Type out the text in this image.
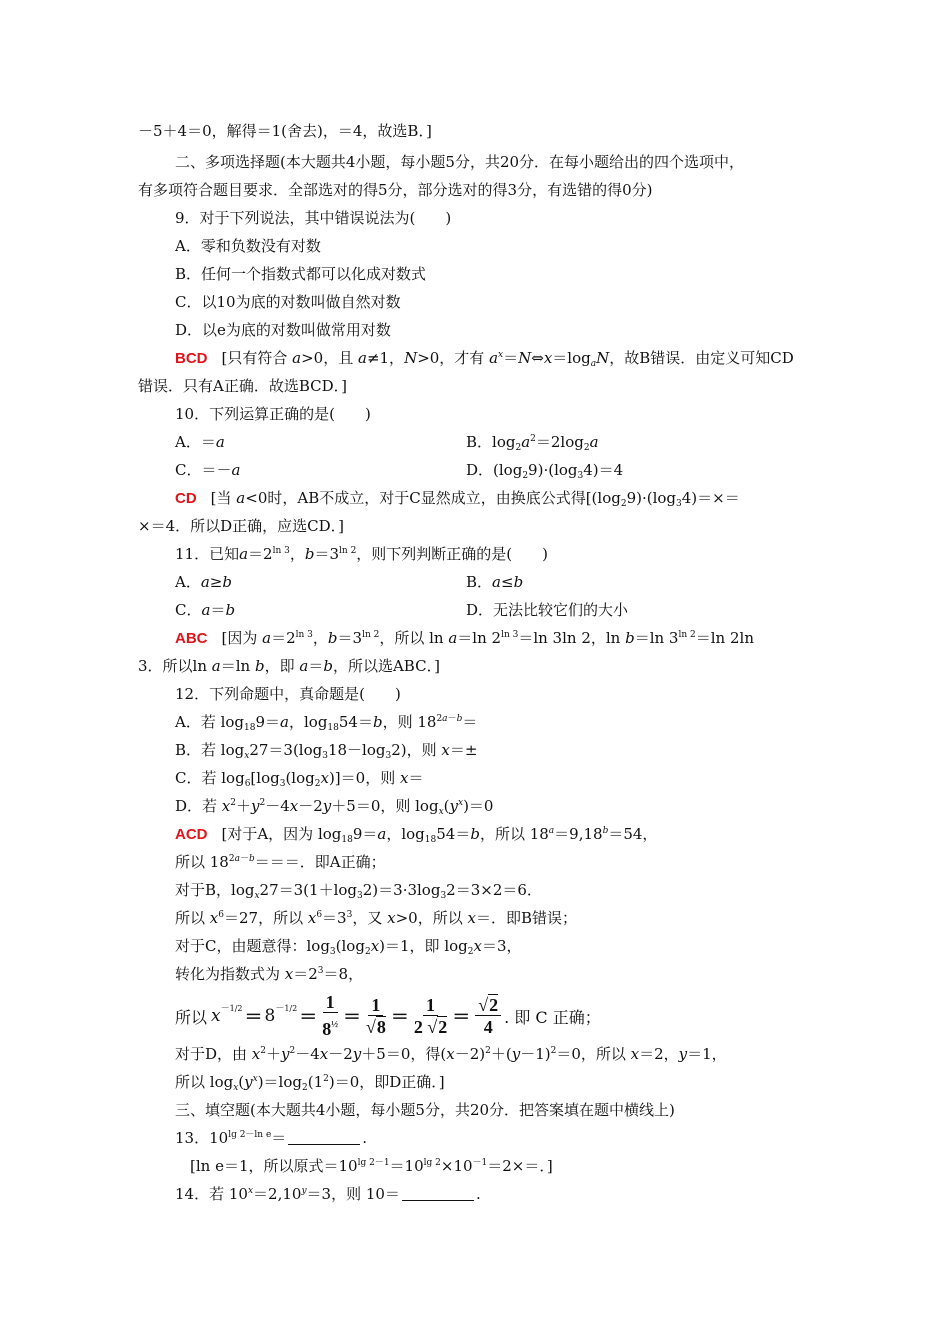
－5＋4＝0，解得＝1(舍去)，＝4，故选B．]
二、多项选择题(本大题共4小题，每小题5分，共20分．在每小题给出的四个选项中，
有多项符合题目要求．全部选对的得5分，部分选对的得3分，有选错的得0分)
9．对于下列说法，其中错误说法为(　　)
A．零和负数没有对数
B．任何一个指数式都可以化成对数式
C．以10为底的对数叫做自然对数
D．以e为底的对数叫做常用对数
BCD [只有符合 a>0，且 a≠1，N>0，才有 $a^x=N\Leftrightarrow x=\log_aN$，故B错误．由定义可知CD
错误．只有A正确．故选BCD．]
10．下列运算正确的是(　　)
A．＝a	B．$\log_2a^2=2\log_2a$
C．＝－a	D．$(\log_29)\cdot(\log_34)=4$
CD [当 a<0时，AB不成立，对于C显然成立，由换底公式得[$(\log_29)\cdot(\log_34)=\times=$
×＝4．所以D正确，应选CD．]
11．已知$a=2^{ln 3}$，$b=3^{ln 2}$，则下列判断正确的是(　　)
A．a≥b	B．a≤b
C．a＝b	D．无法比较它们的大小
ABC [因为 $a=2^{ln 3}$，$b=3^{ln 2}$，所以 ln a＝ln $2^{ln 3}=\ln$ 3ln 2，ln b＝ln $3^{ln 2}=\ln$ 2ln
3．所以ln a＝ln b，即 a＝b，所以选ABC．]
12．下列命题中，真命题是(　　)
A．若 $\log_{18}9=a$，$\log_{18}54=b$，则 $18^{2a-b}=$
B．若 $\log_x27=3(\log_318-\log_32)$，则 x＝±
C．若 $\log_6[\log_3(\log_2x)]=0$，则 x＝
D．若 $x^2+y^2-4x-2y+5=0$，则 $\log_x(y^x)=0$
ACD [对于A，因为 $\log_{18}9=a$，$\log_{18}54=b$，所以 $18^a=9,18^b=54$，
所以 $18^{2a-b}===$．即A正确；
对于B，$\log_x27=3(1+\log_32)=3\cdot 3\log_32=3\times 2=6$．
所以 $x^6=27$，所以 $x^6=3^3$，又 x>0，所以 x＝．即B错误；
对于C，由题意得：$\log_3(\log_2x)=1$，即 $\log_2x=3$，
转化为指数式为 $x=2^3=8$，
所以 $x -1/2 = 8 -1/2 = \frac{1}{8^{\frac{1}{2}}} = \frac{1}{√8} = \frac{1}{2 √2} = \frac{√2}{4}$ . 即 C 正确；
对于D，由 $x^2+y^2-4x-2y+5=0$，得$(x-2)^2+(y-1)^2=0$，所以 x＝2，y＝1，
所以 $\log_x(y^x)=\log_2(1^2)=0$，即D正确．]
三、填空题(本大题共4小题，每小题5分，共20分．把答案填在题中横线上)
13．$10^{lg 2-ln e}=$	.
[ln e＝1，所以原式$=10^{lg 2-1}=10^{lg 2}\times 10^{-1}=2\times=$．]
14．若 $10^x=2,10^y=3$，则 10＝	.
